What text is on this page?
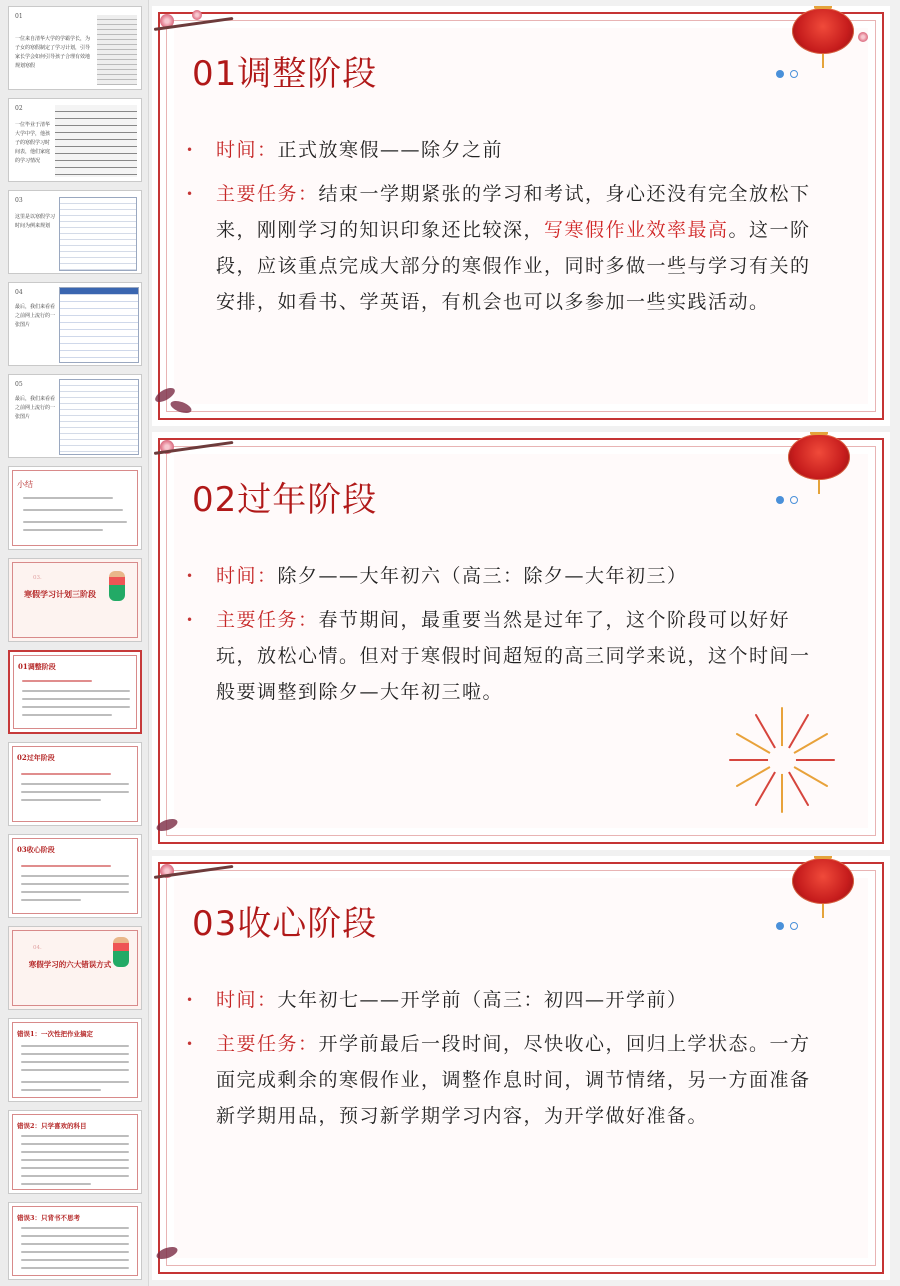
01
一位来自清华大学的学霸学长，为子女的寒假制定了学习计划，引导家长学会如何引导孩子合理有效地规划寒假
02
一位毕业于清华大学中学，他孩子的寒假学习时间表，他们家庭的学习情况
03
这里是以寒假学习时间为例来规划
04
最后，我们来看看之前网上流行的一张图片
05
最后，我们来看看之前网上流行的一张图片
小结
03.
寒假学习计划三阶段
01调整阶段
02过年阶段
03收心阶段
04.
寒假学习的六大错误方式
错误1：一次性把作业搞定
错误2：只学喜欢的科目
错误3：只背书不思考
01调整阶段
• 时间：正式放寒假——除夕之前
• 主要任务：结束一学期紧张的学习和考试，身心还没有完全放松下来，刚刚学习的知识印象还比较深，写寒假作业效率最高。这一阶段，应该重点完成大部分的寒假作业，同时多做一些与学习有关的安排，如看书、学英语，有机会也可以多参加一些实践活动。
02过年阶段
• 时间：除夕——大年初六（高三：除夕—大年初三）
• 主要任务：春节期间，最重要当然是过年了，这个阶段可以好好玩，放松心情。但对于寒假时间超短的高三同学来说，这个时间一般要调整到除夕—大年初三啦。
03收心阶段
• 时间：大年初七——开学前（高三：初四—开学前）
• 主要任务：开学前最后一段时间，尽快收心，回归上学状态。一方面完成剩余的寒假作业，调整作息时间，调节情绪，另一方面准备新学期用品，预习新学期学习内容，为开学做好准备。
